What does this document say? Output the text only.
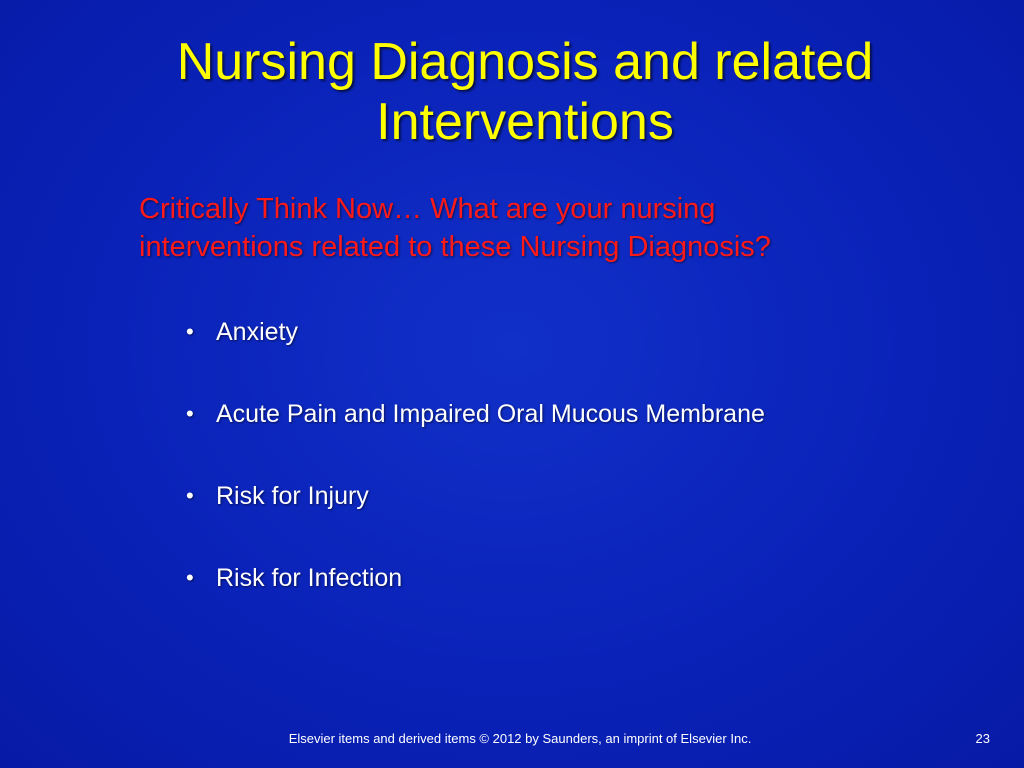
Nursing Diagnosis and related
Interventions
Critically Think Now… What are your nursing
interventions related to these Nursing Diagnosis?
• Anxiety
• Acute Pain and Impaired Oral Mucous Membrane
• Risk for Injury
• Risk for Infection
Elsevier items and derived items © 2012 by Saunders, an imprint of Elsevier Inc.	23
